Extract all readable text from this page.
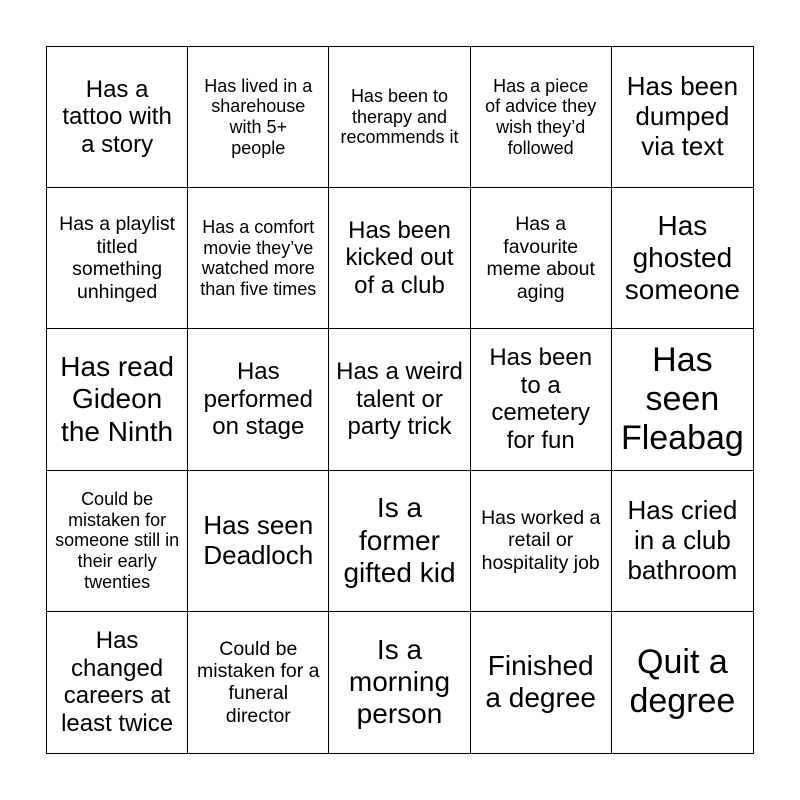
Has a tattoo with a story
Has lived in a sharehouse with 5+ people
Has been to therapy and recommends it
Has a piece of advice they wish they’d followed
Has been dumped via text
Has a playlist titled something unhinged
Has a comfort movie they’ve watched more than five times
Has been kicked out of a club
Has a favourite meme about aging
Has ghosted someone
Has read Gideon the Ninth
Has performed on stage
Has a weird talent or party trick
Has been to a cemetery for fun
Has seen Fleabag
Could be mistaken for someone still in their early twenties
Has seen Deadloch
Is a former gifted kid
Has worked a retail or hospitality job
Has cried in a club bathroom
Has changed careers at least twice
Could be mistaken for a funeral director
Is a morning person
Finished a degree
Quit a degree
